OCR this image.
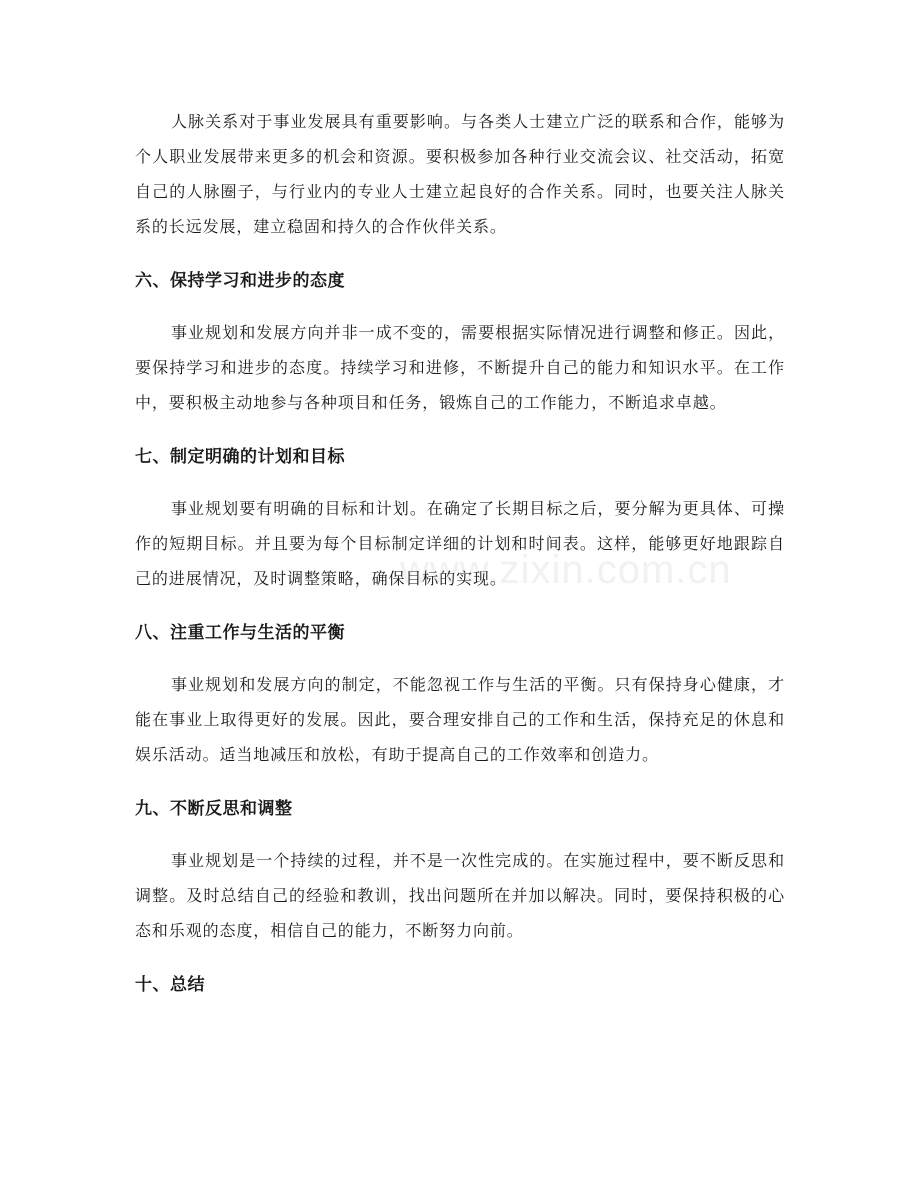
人脉关系对于事业发展具有重要影响。与各类人士建立广泛的联系和合作，能够为个人职业发展带来更多的机会和资源。要积极参加各种行业交流会议、社交活动，拓宽自己的人脉圈子，与行业内的专业人士建立起良好的合作关系。同时，也要关注人脉关系的长远发展，建立稳固和持久的合作伙伴关系。

六、保持学习和进步的态度

事业规划和发展方向并非一成不变的，需要根据实际情况进行调整和修正。因此，要保持学习和进步的态度。持续学习和进修，不断提升自己的能力和知识水平。在工作中，要积极主动地参与各种项目和任务，锻炼自己的工作能力，不断追求卓越。

七、制定明确的计划和目标

事业规划要有明确的目标和计划。在确定了长期目标之后，要分解为更具体、可操作的短期目标。并且要为每个目标制定详细的计划和时间表。这样，能够更好地跟踪自己的进展情况，及时调整策略，确保目标的实现。

八、注重工作与生活的平衡

事业规划和发展方向的制定，不能忽视工作与生活的平衡。只有保持身心健康，才能在事业上取得更好的发展。因此，要合理安排自己的工作和生活，保持充足的休息和娱乐活动。适当地减压和放松，有助于提高自己的工作效率和创造力。

九、不断反思和调整

事业规划是一个持续的过程，并不是一次性完成的。在实施过程中，要不断反思和调整。及时总结自己的经验和教训，找出问题所在并加以解决。同时，要保持积极的心态和乐观的态度，相信自己的能力，不断努力向前。

十、总结
www.zixin.com.cn
